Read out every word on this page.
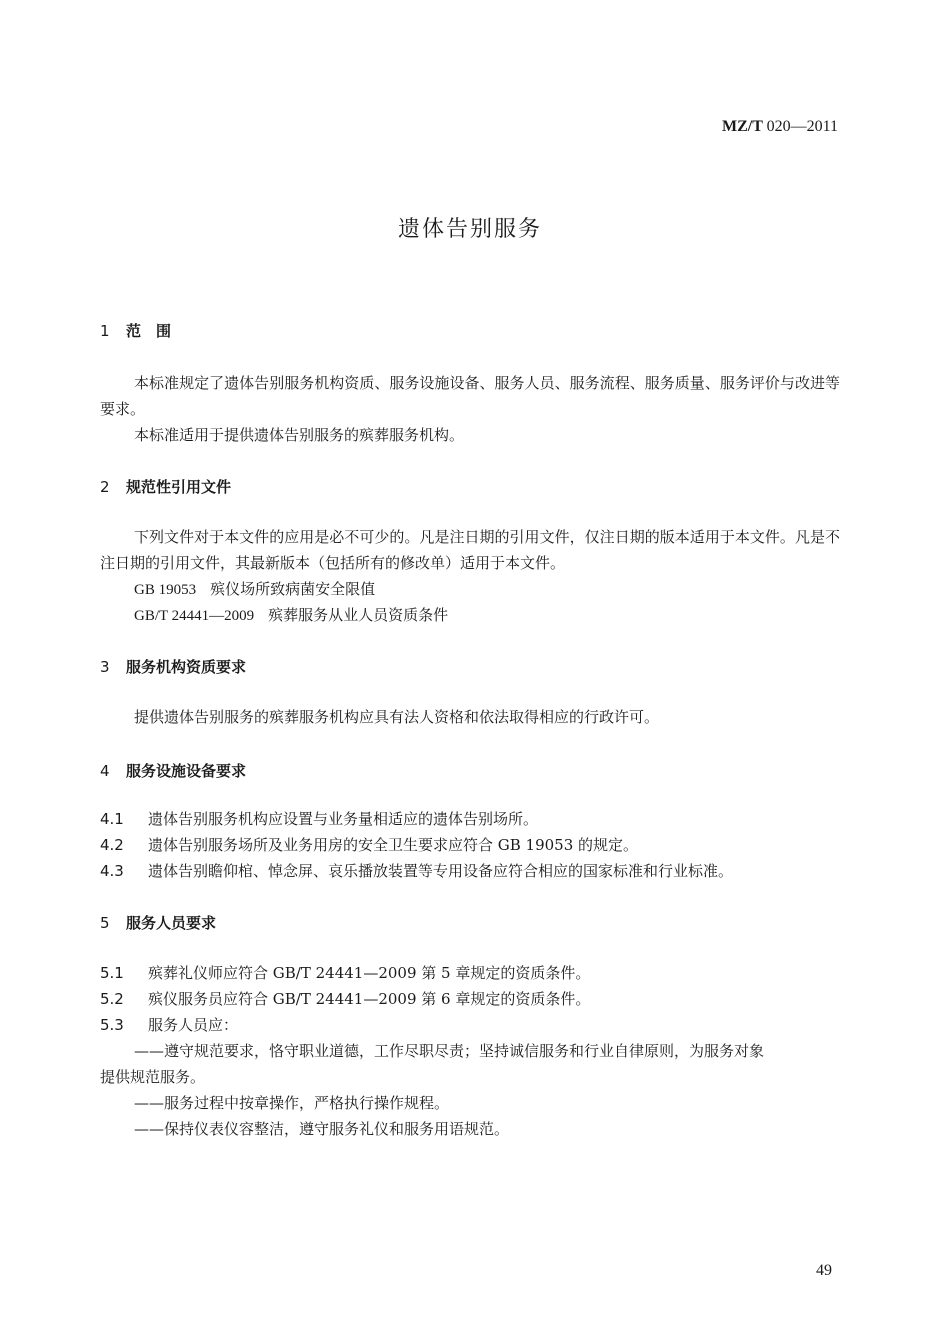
MZ/T 020—2011
遗体告别服务
1 范　围
本标准规定了遗体告别服务机构资质、服务设施设备、服务人员、服务流程、服务质量、服务评价与改进等要求。
本标准适用于提供遗体告别服务的殡葬服务机构。
2 规范性引用文件
下列文件对于本文件的应用是必不可少的。凡是注日期的引用文件，仅注日期的版本适用于本文件。凡是不注日期的引用文件，其最新版本（包括所有的修改单）适用于本文件。
GB 19053 殡仪场所致病菌安全限值
GB/T 24441—2009 殡葬服务从业人员资质条件
3 服务机构资质要求
提供遗体告别服务的殡葬服务机构应具有法人资格和依法取得相应的行政许可。
4 服务设施设备要求
4.1 遗体告别服务机构应设置与业务量相适应的遗体告别场所。
4.2 遗体告别服务场所及业务用房的安全卫生要求应符合 GB 19053 的规定。
4.3 遗体告别瞻仰棺、悼念屏、哀乐播放装置等专用设备应符合相应的国家标准和行业标准。
5 服务人员要求
5.1 殡葬礼仪师应符合 GB/T 24441—2009 第 5 章规定的资质条件。
5.2 殡仪服务员应符合 GB/T 24441—2009 第 6 章规定的资质条件。
5.3 服务人员应：
——遵守规范要求，恪守职业道德，工作尽职尽责；坚持诚信服务和行业自律原则，为服务对象
提供规范服务。
——服务过程中按章操作，严格执行操作规程。
——保持仪表仪容整洁，遵守服务礼仪和服务用语规范。
49
